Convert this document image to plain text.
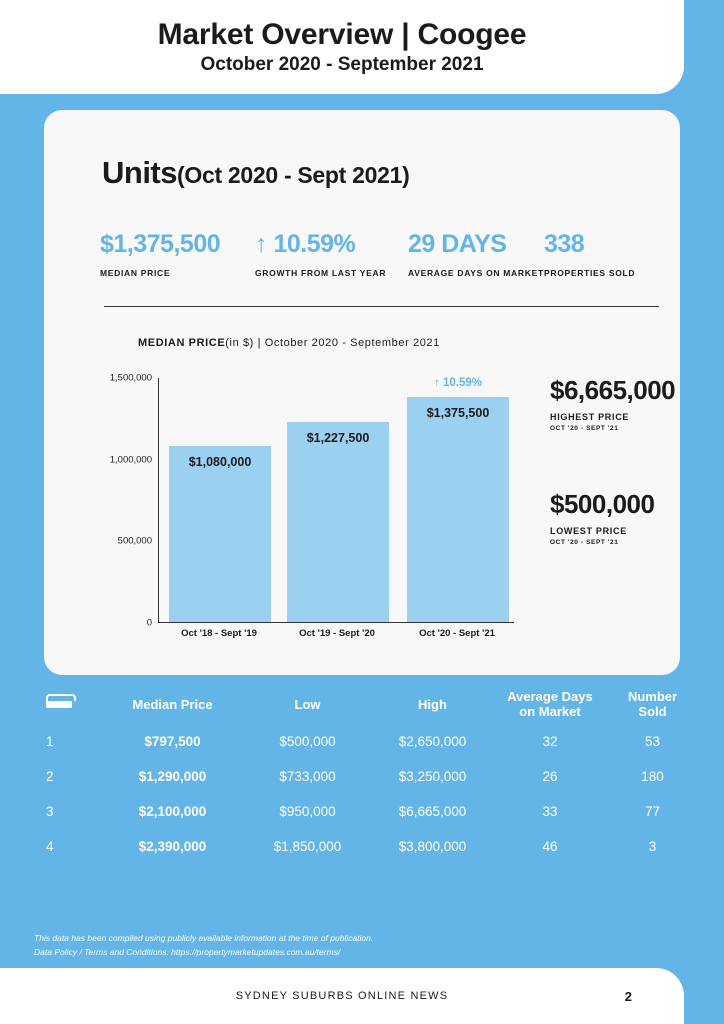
Market Overview | Coogee
October 2020 - September 2021
Units (Oct 2020 - Sept 2021)
$1,375,500
MEDIAN PRICE
↑ 10.59%
GROWTH FROM LAST YEAR
29 DAYS
AVERAGE DAYS ON MARKET
338
PROPERTIES SOLD
MEDIAN PRICE(in $) | October 2020 - September 2021
1,500,000
1,000,000
500,000
0
$1,080,000
$1,227,500
↑ 10.59%
$1,375,500
Oct '18 - Sept '19	Oct '19 - Sept '20	Oct '20 - Sept '21
$6,665,000
HIGHEST PRICE
OCT '20 - SEPT '21
$500,000
LOWEST PRICE
OCT '20 - SEPT '21
Median Price	Low	High	Average Days
on Market
Number
Sold
1	$797,500	$500,000	$2,650,000	32	53
2	$1,290,000	$733,000	$3,250,000	26	180
3	$2,100,000	$950,000	$6,665,000	33	77
4	$2,390,000	$1,850,000	$3,800,000	46	3
This data has been compiled using publicly available information at the time of publication.
Data Policy / Terms and Conditions: https://propertymarketupdates.com.au/terms/
SYDNEY SUBURBS ONLINE NEWS	2
